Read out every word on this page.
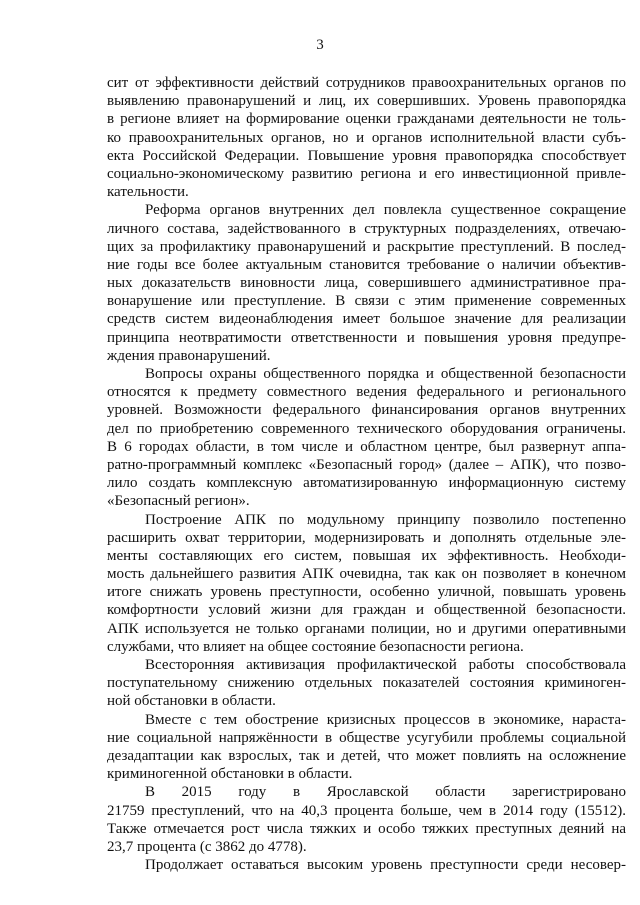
3
сит от эффективности действий сотрудников правоохранительных органов по
выявлению правонарушений и лиц, их совершивших. Уровень правопорядка
в регионе влияет на формирование оценки гражданами деятельности не толь-
ко правоохранительных органов, но и органов исполнительной власти субъ-
екта Российской Федерации. Повышение уровня правопорядка способствует
социально-экономическому развитию региона и его инвестиционной привле-
кательности.
Реформа органов внутренних дел повлекла существенное сокращение
личного состава, задействованного в структурных подразделениях, отвечаю-
щих за профилактику правонарушений и раскрытие преступлений. В послед-
ние годы все более актуальным становится требование о наличии объектив-
ных доказательств виновности лица, совершившего административное пра-
вонарушение или преступление. В связи с этим применение современных
средств систем видеонаблюдения имеет большое значение для реализации
принципа неотвратимости ответственности и повышения уровня предупре-
ждения правонарушений.
Вопросы охраны общественного порядка и общественной безопасности
относятся к предмету совместного ведения федерального и регионального
уровней. Возможности федерального финансирования органов внутренних
дел по приобретению современного технического оборудования ограничены.
В 6 городах области, в том числе и областном центре, был развернут аппа-
ратно-программный комплекс «Безопасный город» (далее – АПК), что позво-
лило создать комплексную автоматизированную информационную систему
«Безопасный регион».
Построение АПК по модульному принципу позволило постепенно
расширить охват территории, модернизировать и дополнять отдельные эле-
менты составляющих его систем, повышая их эффективность. Необходи-
мость дальнейшего развития АПК очевидна, так как он позволяет в конечном
итоге снижать уровень преступности, особенно уличной, повышать уровень
комфортности условий жизни для граждан и общественной безопасности.
АПК используется не только органами полиции, но и другими оперативными
службами, что влияет на общее состояние безопасности региона.
Всесторонняя активизация профилактической работы способствовала
поступательному снижению отдельных показателей состояния криминоген-
ной обстановки в области.
Вместе с тем обострение кризисных процессов в экономике, нараста-
ние социальной напряжённости в обществе усугубили проблемы социальной
дезадаптации как взрослых, так и детей, что может повлиять на осложнение
криминогенной обстановки в области.
В 2015 году в Ярославской области зарегистрировано
21759 преступлений, что на 40,3 процента больше, чем в 2014 году (15512).
Также отмечается рост числа тяжких и особо тяжких преступных деяний на
23,7 процента (с 3862 до 4778).
Продолжает оставаться высоким уровень преступности среди несовер-
